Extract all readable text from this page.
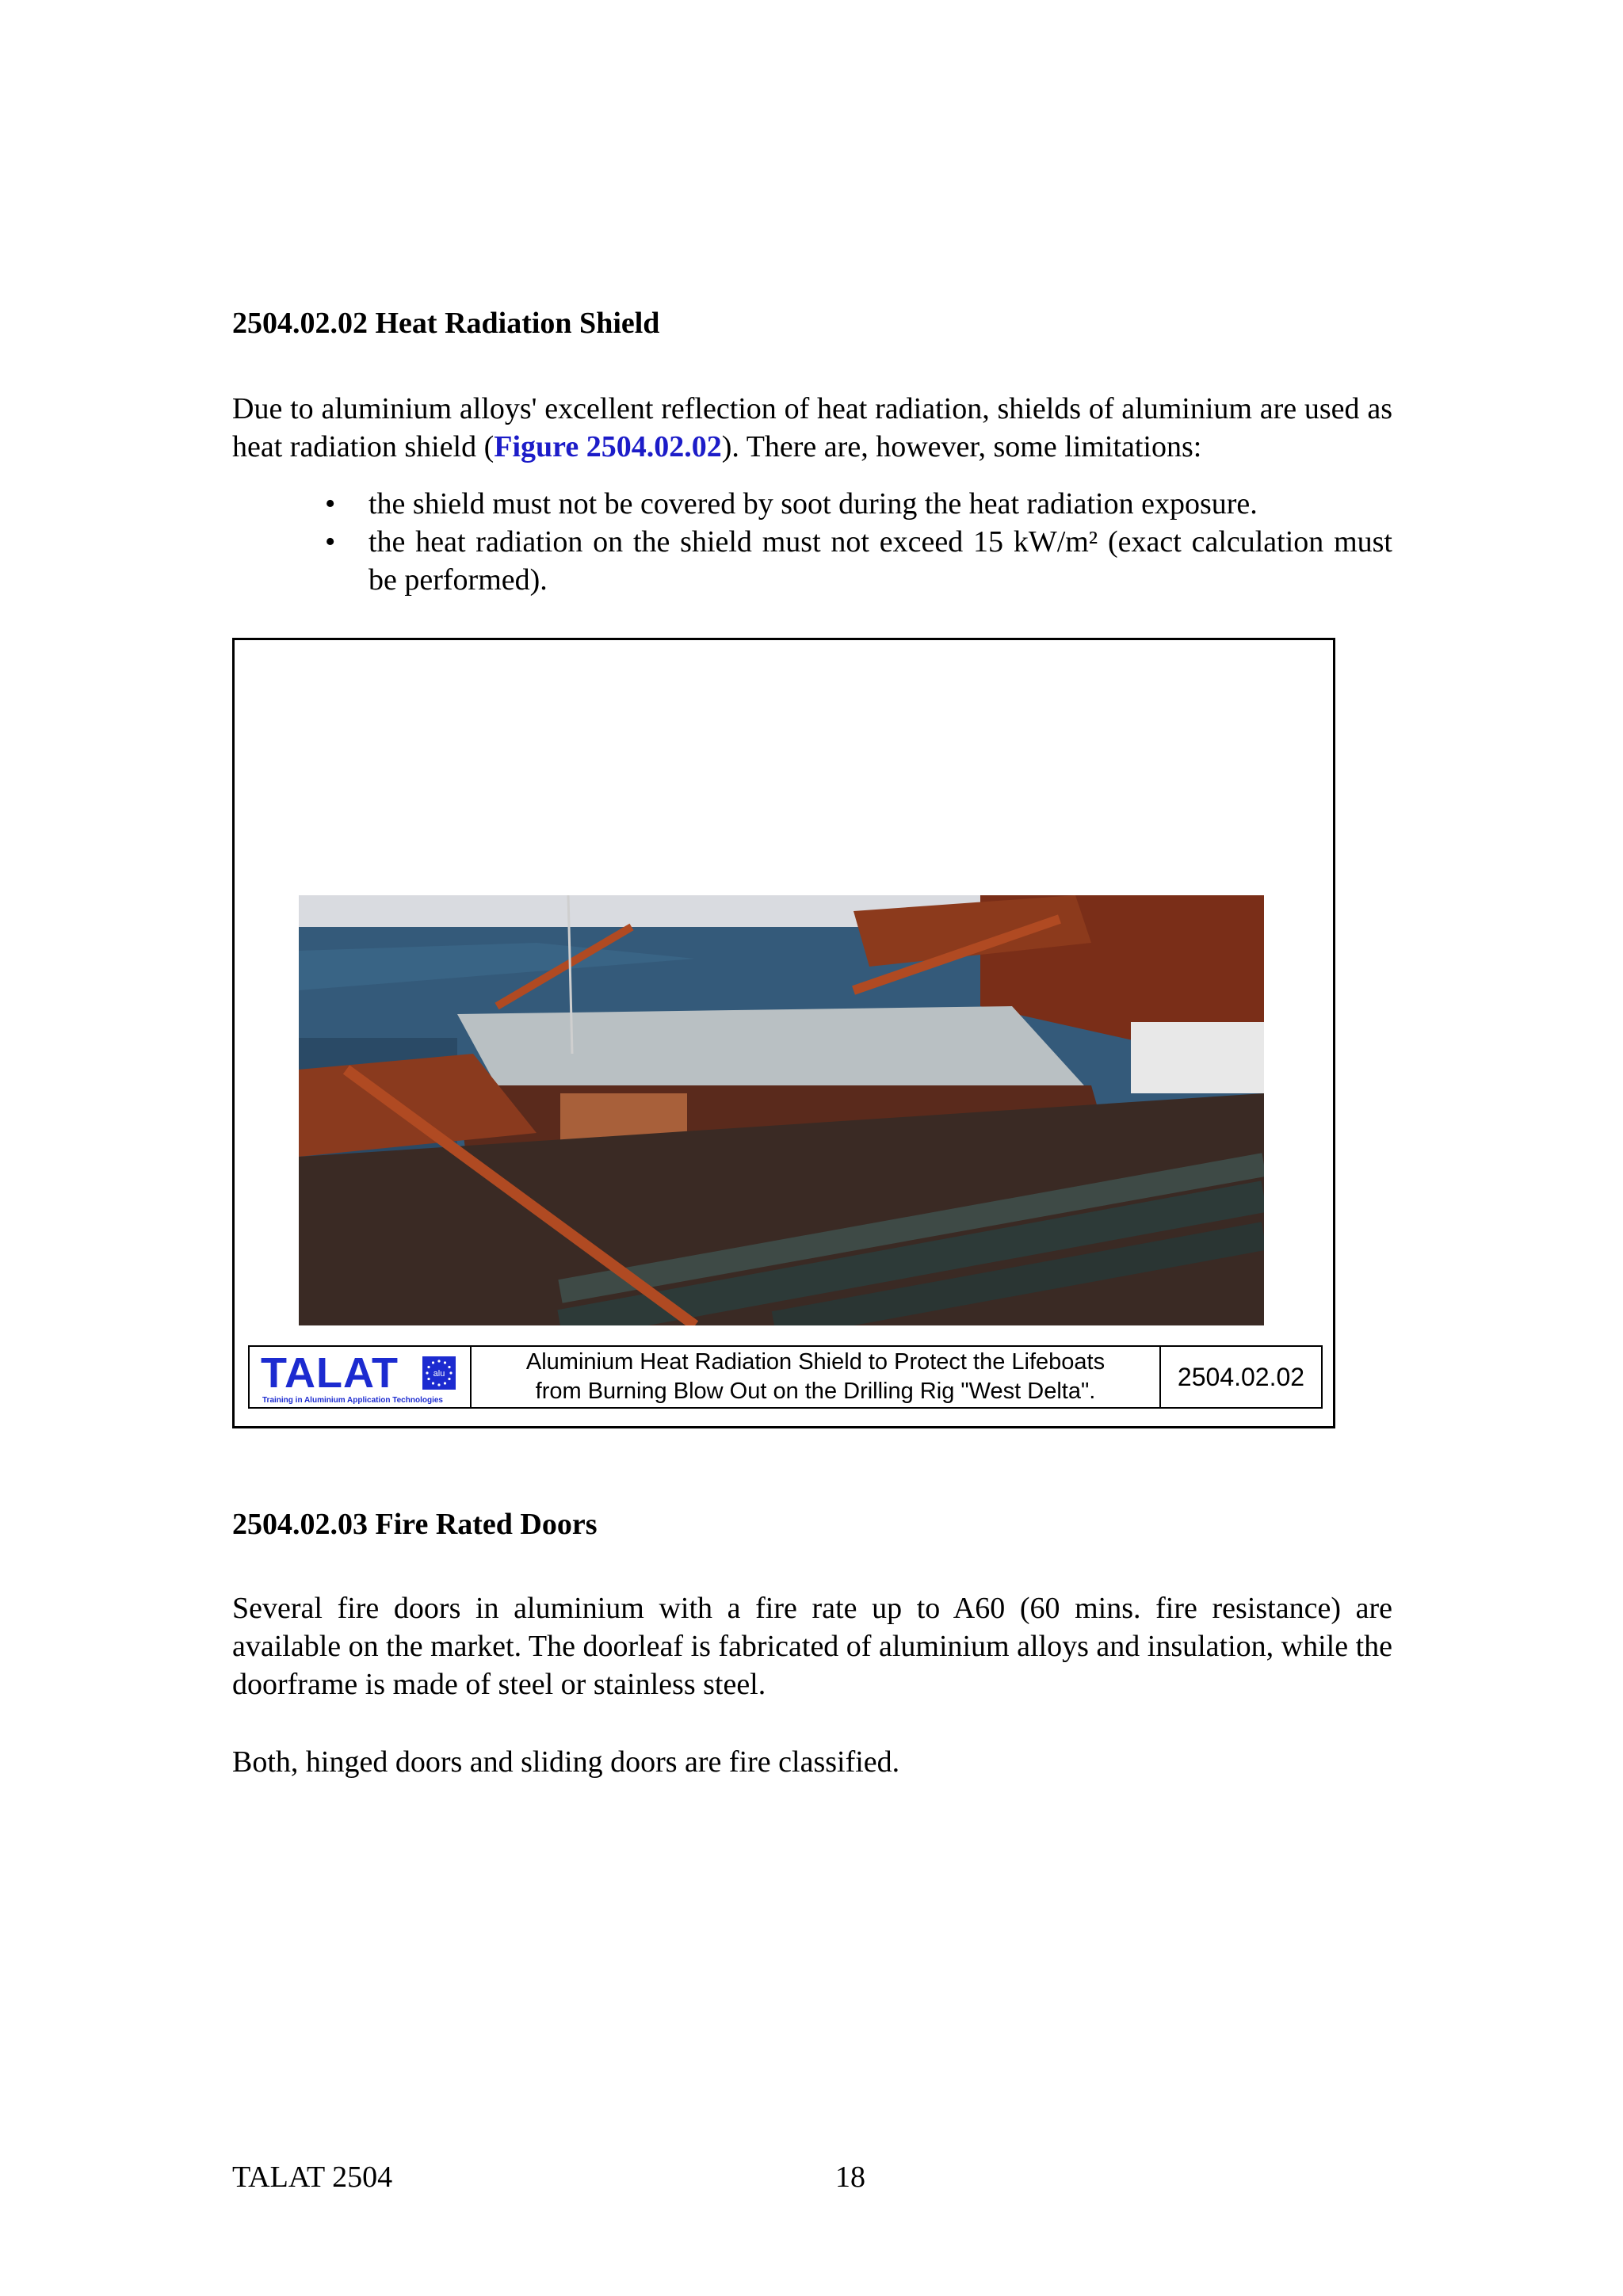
2504.02.02 Heat Radiation Shield

Due to aluminium alloys' excellent reflection of heat radiation, shields of aluminium are used as heat radiation shield (Figure 2504.02.02). There are, however, some limitations:

• the shield must not be covered by soot during the heat radiation exposure.
• the heat radiation on the shield must not exceed 15 kW/m² (exact calculation must be performed).
TALAT	alu
Training in Aluminium Application Technologies
Aluminium Heat Radiation Shield to Protect the Lifeboats
from Burning Blow Out on the Drilling Rig "West Delta".
2504.02.02
2504.02.03 Fire Rated Doors

Several fire doors in aluminium with a fire rate up to A60 (60 mins. fire resistance) are available on the market. The doorleaf is fabricated of aluminium alloys and insulation, while the doorframe is made of steel or stainless steel.

Both, hinged doors and sliding doors are fire classified.

TALAT 2504	18
